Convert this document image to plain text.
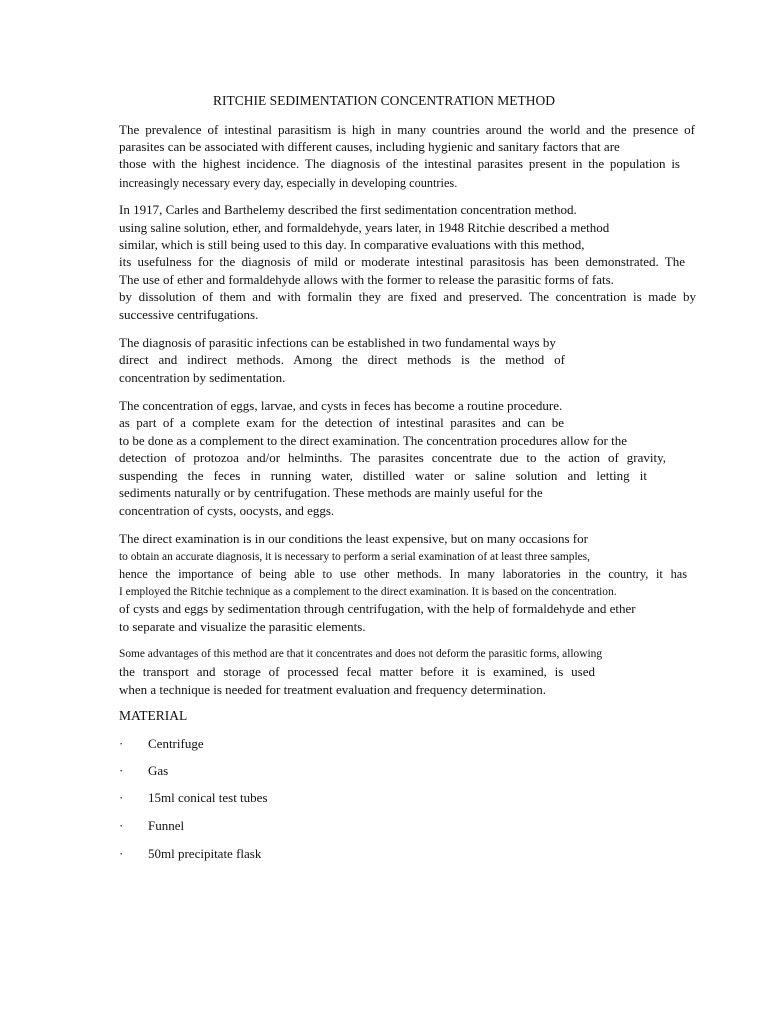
RITCHIE SEDIMENTATION CONCENTRATION METHOD
The prevalence of intestinal parasitism is high in many countries around the world and the presence of
parasites can be associated with different causes, including hygienic and sanitary factors that are
those with the highest incidence. The diagnosis of the intestinal parasites present in the population is
increasingly necessary every day, especially in developing countries.
In 1917, Carles and Barthelemy described the first sedimentation concentration method.
using saline solution, ether, and formaldehyde, years later, in 1948 Ritchie described a method
similar, which is still being used to this day. In comparative evaluations with this method,
its usefulness for the diagnosis of mild or moderate intestinal parasitosis has been demonstrated. The
The use of ether and formaldehyde allows with the former to release the parasitic forms of fats.
by dissolution of them and with formalin they are fixed and preserved. The concentration is made by
successive centrifugations.
The diagnosis of parasitic infections can be established in two fundamental ways by
direct and indirect methods. Among the direct methods is the method of
concentration by sedimentation.
The concentration of eggs, larvae, and cysts in feces has become a routine procedure.
as part of a complete exam for the detection of intestinal parasites and can be
to be done as a complement to the direct examination. The concentration procedures allow for the
detection of protozoa and/or helminths. The parasites concentrate due to the action of gravity,
suspending the feces in running water, distilled water or saline solution and letting it
sediments naturally or by centrifugation. These methods are mainly useful for the
concentration of cysts, oocysts, and eggs.
The direct examination is in our conditions the least expensive, but on many occasions for
to obtain an accurate diagnosis, it is necessary to perform a serial examination of at least three samples,
hence the importance of being able to use other methods. In many laboratories in the country, it has
I employed the Ritchie technique as a complement to the direct examination. It is based on the concentration.
of cysts and eggs by sedimentation through centrifugation, with the help of formaldehyde and ether
to separate and visualize the parasitic elements.
Some advantages of this method are that it concentrates and does not deform the parasitic forms, allowing
the transport and storage of processed fecal matter before it is examined, is used
when a technique is needed for treatment evaluation and frequency determination.
MATERIAL
· Centrifuge
· Gas
· 15ml conical test tubes
· Funnel
· 50ml precipitate flask
